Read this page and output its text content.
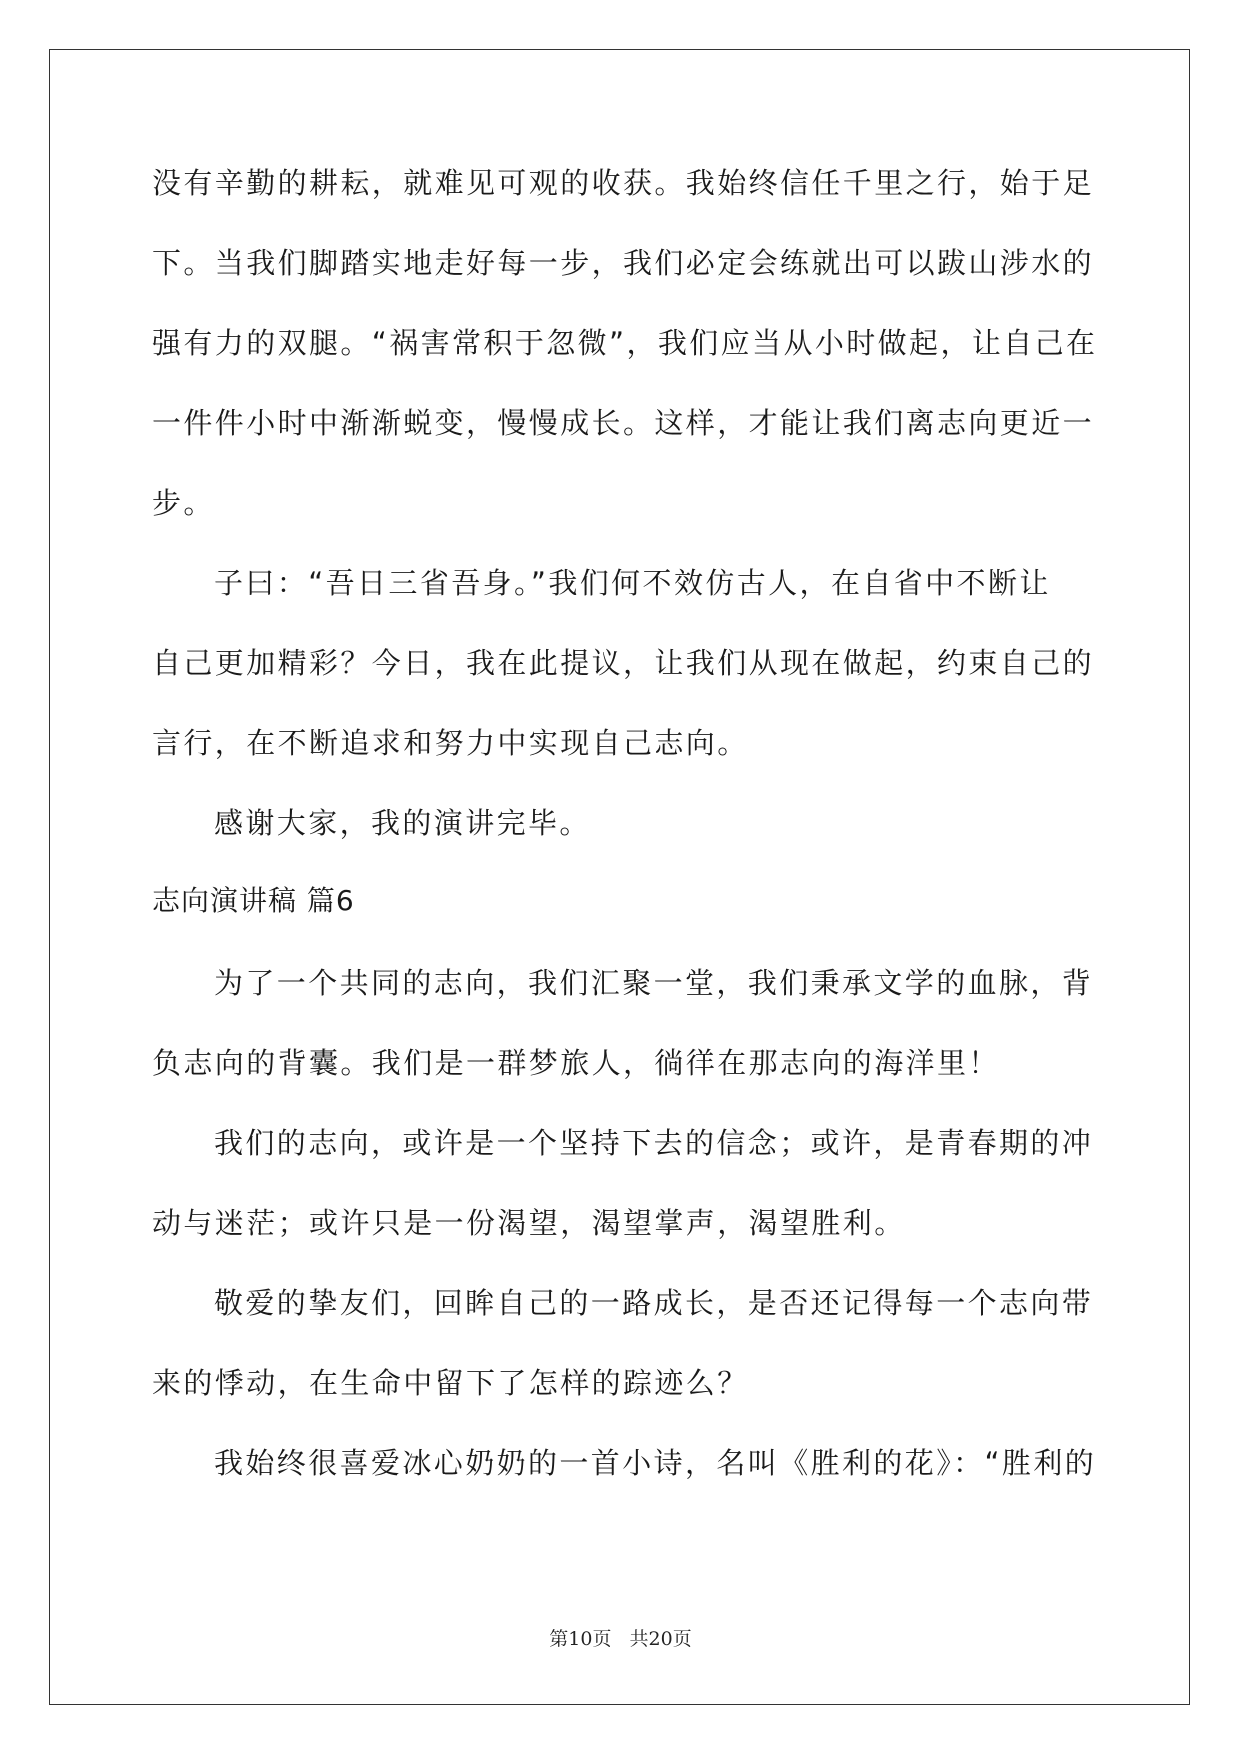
没有辛勤的耕耘，就难见可观的收获。我始终信任千里之行，始于足
下。当我们脚踏实地走好每一步，我们必定会练就出可以跋山涉水的
强有力的双腿。“祸害常积于忽微”，我们应当从小时做起，让自己在
一件件小时中渐渐蜕变，慢慢成长。这样，才能让我们离志向更近一
步。
子曰：“吾日三省吾身。”我们何不效仿古人，在自省中不断让
自己更加精彩？今日，我在此提议，让我们从现在做起，约束自己的
言行，在不断追求和努力中实现自己志向。
感谢大家，我的演讲完毕。
志向演讲稿 篇6
为了一个共同的志向，我们汇聚一堂，我们秉承文学的血脉，背
负志向的背囊。我们是一群梦旅人，徜徉在那志向的海洋里！
我们的志向，或许是一个坚持下去的信念；或许，是青春期的冲
动与迷茫；或许只是一份渴望，渴望掌声，渴望胜利。
敬爱的挚友们，回眸自己的一路成长，是否还记得每一个志向带
来的悸动，在生命中留下了怎样的踪迹么？
我始终很喜爱冰心奶奶的一首小诗，名叫《胜利的花》：“胜利的
第10页 共20页
